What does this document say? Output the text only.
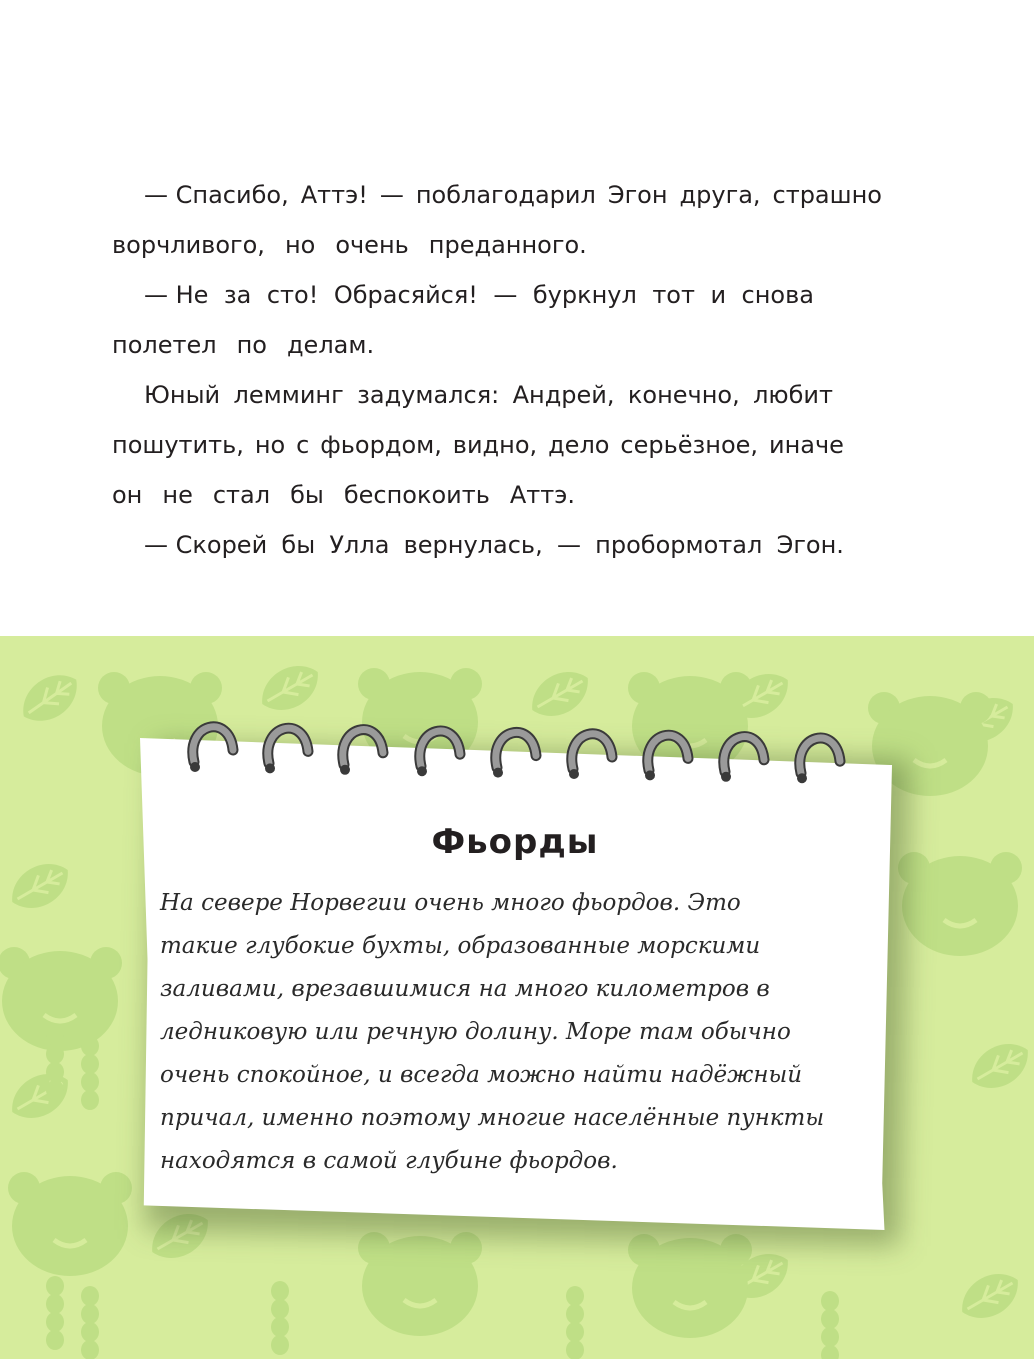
— Спасибо, Аттэ! — поблагодарил Эгон друга, страшно
ворчливого, но очень преданного.
— Не за сто! Обрасяйся! — буркнул тот и снова
полетел по делам.
Юный лемминг задумался: Андрей, конечно, любит
пошутить, но с фьордом, видно, дело серьёзное, иначе
он не стал бы беспокоить Аттэ.
— Скорей бы Улла вернулась, — пробормотал Эгон.
Фьорды
На севере Норвегии очень много фьордов. Это
такие глубокие бухты, образованные морскими
заливами, врезавшимися на много километров в
ледниковую или речную долину. Море там обычно
очень спокойное, и всегда можно найти надёжный
причал, именно поэтому многие населённые пункты
находятся в самой глубине фьордов.
